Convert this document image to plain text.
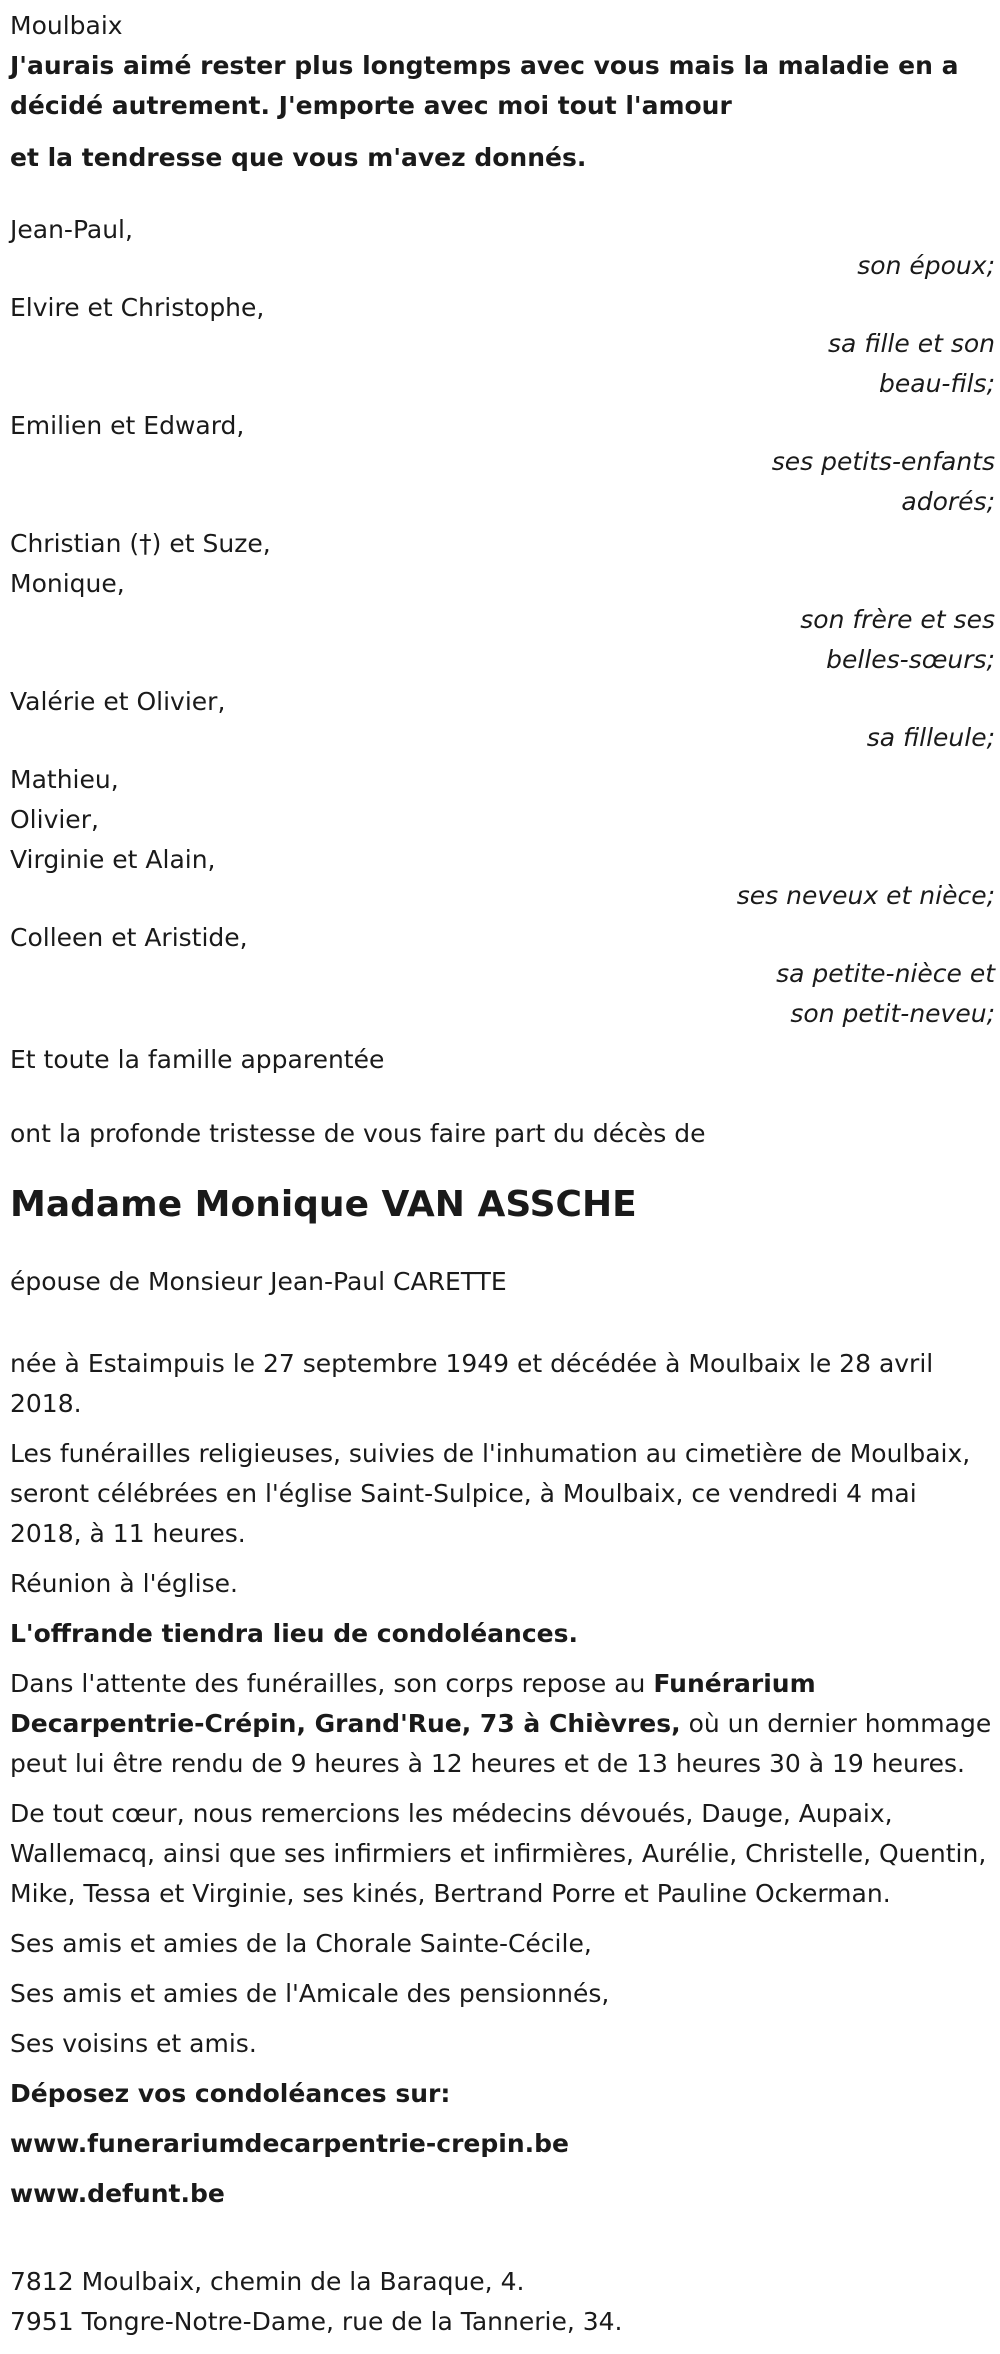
Moulbaix

J'aurais aimé rester plus longtemps avec vous mais la maladie en a

décidé autrement. J'emporte avec moi tout l'amour

et la tendresse que vous m'avez donnés.

Jean-Paul,
son époux;
Elvire et Christophe,
sa fille et son
beau-fils;
Emilien et Edward,
ses petits-enfants
adorés;
Christian (†) et Suze,
Monique,
son frère et ses
belles-sœurs;
Valérie et Olivier,
sa filleule;
Mathieu,
Olivier,
Virginie et Alain,
ses neveux et nièce;
Colleen et Aristide,
sa petite-nièce et
son petit-neveu;
Et toute la famille apparentée
ont la profonde tristesse de vous faire part du décès de
Madame Monique VAN ASSCHE
épouse de Monsieur Jean-Paul CARETTE

née à Estaimpuis le 27 septembre 1949 et décédée à Moulbaix le 28 avril 2018.

Les funérailles religieuses, suivies de l'inhumation au cimetière de Moulbaix, seront célébrées en l'église Saint-Sulpice, à Moulbaix, ce vendredi 4 mai 2018, à 11 heures.

Réunion à l'église.

L'offrande tiendra lieu de condoléances.

Dans l'attente des funérailles, son corps repose au Funérarium Decarpentrie-Crépin, Grand'Rue, 73 à Chièvres, où un dernier hommage peut lui être rendu de 9 heures à 12 heures et de 13 heures 30 à 19 heures.

De tout cœur, nous remercions les médecins dévoués, Dauge, Aupaix, Wallemacq, ainsi que ses infirmiers et infirmières, Aurélie, Christelle, Quentin, Mike, Tessa et Virginie, ses kinés, Bertrand Porre et Pauline Ockerman.

Ses amis et amies de la Chorale Sainte-Cécile,

Ses amis et amies de l'Amicale des pensionnés,

Ses voisins et amis.

Déposez vos condoléances sur:

www.funerariumdecarpentrie-crepin.be

www.defunt.be

7812 Moulbaix, chemin de la Baraque, 4.
7951 Tongre-Notre-Dame, rue de la Tannerie, 34.
